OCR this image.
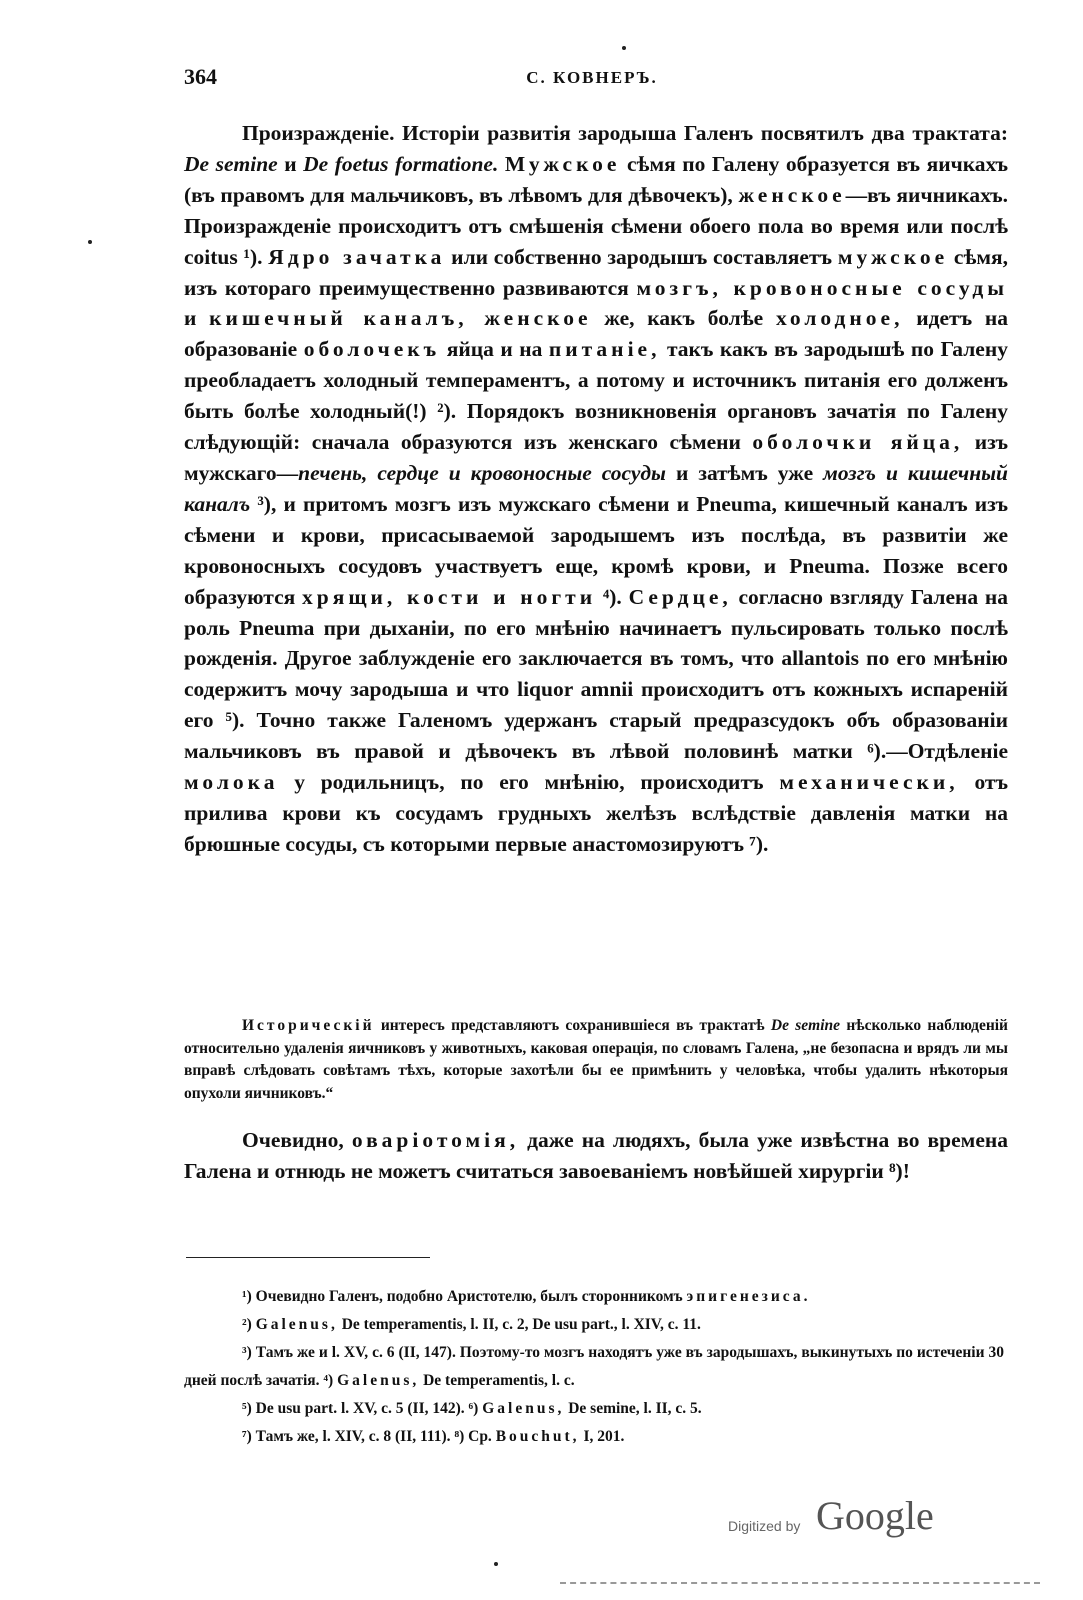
364	С. КОВНЕРЪ.

Произражденіе. Исторіи развитія зародыша Галенъ посвятилъ два трактата: De semine и De foetus formatione. Мужское сѣмя по Галену образуется въ яичкахъ (въ правомъ для мальчиковъ, въ лѣвомъ для дѣвочекъ), женское—въ яичникахъ. Произражденіе происходитъ отъ смѣшенія сѣмени обоего пола во время или послѣ coitus ¹). Ядро зачатка или собственно зародышъ составляетъ мужское сѣмя, изъ котораго преимущественно развиваются мозгъ, кровоносные сосуды и кишечный каналъ, женское же, какъ болѣе холодное, идетъ на образованіе оболочекъ яйца и на питаніе, такъ какъ въ зародышѣ по Галену преобладаетъ холодный темпераментъ, а потому и источникъ питанія его долженъ быть болѣе холодный(!) ²). Порядокъ возникновенія органовъ зачатія по Галену слѣдующій: сначала образуются изъ женскаго сѣмени оболочки яйца, изъ мужскаго—печень, сердце и кровоносные сосуды и затѣмъ уже мозгъ и кишечный каналъ ³), и притомъ мозгъ изъ мужскаго сѣмени и Pneuma, кишечный каналъ изъ сѣмени и крови, присасываемой зародышемъ изъ послѣда, въ развитіи же кровоносныхъ сосудовъ участвуетъ еще, кромѣ крови, и Pneuma. Позже всего образуются хрящи, кости и ногти ⁴). Сердце, согласно взгляду Галена на роль Pneuma при дыханіи, по его мнѣнію начинаетъ пульсировать только послѣ рожденія. Другое заблужденіе его заключается въ томъ, что allantois по его мнѣнію содержитъ мочу зародыша и что liquor amnii происходитъ отъ кожныхъ испареній его ⁵). Точно также Галеномъ удержанъ старый предразсудокъ объ образованіи мальчиковъ въ правой и дѣвочекъ въ лѣвой половинѣ матки ⁶).—Отдѣленіе молока у родильницъ, по его мнѣнію, происходитъ механически, отъ прилива крови къ сосудамъ грудныхъ желѣзъ вслѣдствіе давленія матки на брюшные сосуды, съ которыми первые анастомозируютъ ⁷).

Историческій интересъ представляютъ сохранившіеся въ трактатѣ De semine нѣсколько наблюденій относительно удаленія яичниковъ у животныхъ, каковая операція, по словамъ Галена, „не безопасна и врядъ ли мы вправѣ слѣдовать совѣтамъ тѣхъ, которые захотѣли бы ее примѣнить у человѣка, чтобы удалить нѣкоторыя опухоли яичниковъ.“

Очевидно, оваріотомія, даже на людяхъ, была уже извѣстна во времена Галена и отнюдь не можетъ считаться завоеваніемъ новѣйшей хирургіи ⁸)!

¹) Очевидно Галенъ, подобно Аристотелю, былъ сторонникомъ эпигенезиса.
²) Galenus, De temperamentis, l. II, c. 2, De usu part., l. XIV, c. 11.
³) Тамъ же и l. XV, c. 6 (II, 147). Поэтому-то мозгъ находятъ уже въ зародышахъ, выкинутыхъ по истеченіи 30 дней послѣ зачатія. ⁴) Galenus, De temperamentis, l. c.
⁵) De usu part. l. XV, c. 5 (II, 142). ⁶) Galenus, De semine, l. II, c. 5.
⁷) Тамъ же, l. XIV, c. 8 (II, 111). ⁸) Ср. Bouchut, I, 201.
Digitized by Google
